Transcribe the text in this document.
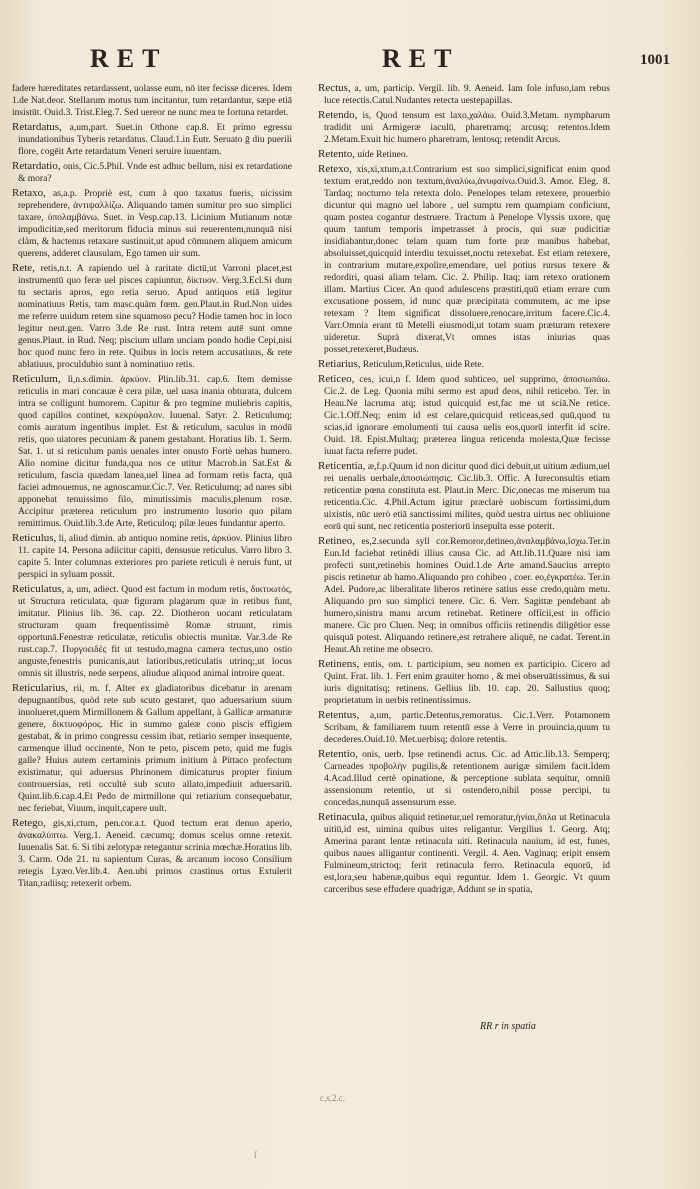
RET	RET	1001

fadere hæreditates retardassent, uolasse eum, nō iter fecisse diceres. Idem 1.de Nat.deor. Stellarum motus tum incitantur, tum retardantur, sæpe etiā insistūt. Ouid.3. Trist.Eleg.7. Sed uereor ne nunc mea te fortuna retardet.

Retardatus, a,um,part. Suet.in Othone cap.8. Et primo egressu inundationibus Tyberis retardatus. Claud.1.in Eutr. Seruato ḡ diu puerili flore, cogēit Arte retardatum Veneri seruire iuuentam.

Retardatio, onis, Cic.5.Phil. Vnde est adhuc bellum, nisi ex retardatione & mora?

Retaxo, as,a.p. Propriè est, cum à quo taxatus fueris, uicissim reprehendere, ἀντιψαλλίζω. Aliquando tamen sumitur pro suo simplici taxare, ὑπολαμβάνω. Suet. in Vesp.cap.13. Licinium Mutianum notæ impudicitiæ,sed meritorum fiducia minus sui reuerentem,nunquā nisi clàm, & hactenus retaxare sustinuit,ut apud cōmunem aliquem amicum querens, adderet clausulam, Ego tamen uir sum.

Rete, retis,n.t. A rapiendo uel à raritate dictū,ut Varroni placet,est instrumentū quo feræ uel pisces capiuntur, δίκτυον. Verg.3.Ecl.Si dum tu sectaris apros, ego retia seruo. Apud antiquos etiā legitur nominatiuus Retis, tam masc.quàm fœm. gen.Plaut.in Rud.Non uides me referre uuidum retem sine squamoso pecu? Hodie tamen hoc in loco legitur neut.gen. Varro 3.de Re rust. Intra retem autē sunt omne genus.Plaut. in Rud. Neq; piscium ullam unciam pondo hodie Cepi,nisi hoc quod nunc fero in rete. Quibus in locis retem accusatiuus, & rete ablatiuus, proculdubio sunt à nominatiuo retis.

Reticulum, li,n.s.dimin. ἀρκύον. Plin.lib.31. cap.6. Item demisse reticulis in mari concauæ è cera pilæ, uel uasa inania obturata, dulcem intra se colligunt humorem. Capitur & pro tegmine muliebris capitis, quod capillos continet, κεκρύφαλον. Iuuenal. Satyr. 2. Reticulumq; comis auratum ingentibus implet. Est & reticulum, saculus in modū retis, quo uiatores pecuniam & panem gestabant. Horatius lib. 1. Serm. Sat. 1. ut si reticulum panis uenales inter onusto Fortè uehas humero. Alio nomine dicitur funda,qua nos ce utitur Macrob.in Sat.Est & reticulum, fascia quædam lanea,uel linea ad formam retis facta, quā faciei admouemus, ne agnoscamur.Cic.7. Ver. Reticulumq; ad nares sibi apponebat tenuissimo filo, minutissimis maculis,plenum rosæ. Accipitur præterea reticulum pro instrumento lusorio quo pilam remittimus. Ouid.lib.3.de Arte, Reticuloq; pilæ leues fundantur aperto.

Reticulus, li, aliud dimin. ab antiquo nomine retis, ἀρκύον. Plinius libro 11. capite 14. Persona adiicitur capiti, densusue reticulus. Varro libro 3. capite 5. Inter columnas exteriores pro pariete reticuli è neruis funt, ut perspici in syluam possit.

Reticulatus, a, um, adiect. Quod est factum in modum retis, δικτυωτός, ut Structura reticulata, quæ figuram plagarum quæ in retibus funt, imitatur. Plinius lib. 36. cap. 22. Diotheron uocant reticulatam structuram quam frequentissimè Romæ struunt, rimis opportunā.Fenestræ reticulatæ, reticulis obiectis munitæ. Var.3.de Re rust.cap.7. Πυργοειδές fit ut testudo,magna camera tectus,uno ostio anguste,fenestris punicanis,aut latioribus,reticulatis utrinq;,ut locus omnis sit illustris, nede serpens, aliudue aliquod animal introire queat.

Reticularius, rii, m. f. Alter ex gladiatoribus dicebatur in arenam depugnantibus, quòd rete sub scuto gestaret, quo aduersarium suum inuolueret,quem Mirmillonem & Gallum appellant, à Gallicæ armaturæ genere, δικτυοφόρος. Hic in summo galeæ cono piscis effigiem gestabat, & in primo congressu cessim ibat, retiario semper insequente, carmenque illud occinente, Non te peto, piscem peto, quid me fugis galle? Huius autem certaminis primum initium à Pittaco profectum existimatur, qui aduersus Phrinonem dimicaturus propter finium controuersias, reti occultè sub scuto allato,impediuit aduersariū. Quint.lib.6.cap.4.Et Pedo de mirmillone qui retiarium consequebatur, nec feriebat, Viuum, inquit,capere uult.

Retego, gis,xi,ctum, pen.cor.a.t. Quod tectum erat denuo aperio, ἀνακαλύπτω. Verg.1. Aeneid. cæcumq; domus scelus omne retexit. Iuuenalis Sat. 6. Si tibi zelotypæ retegantur scrinia mœchæ.Horatius lib. 3. Carm. Ode 21. tu sapientum Curas, & arcanum iocoso Consilium retegis Lyæo.Ver.lib.4. Aen.ubi primos crastinus ortus Extulerit Titan,radiisq; retexerit orbem.

Rectus, a, um, particip. Vergil. lib. 9. Aeneid. Iam fole infuso,iam rebus luce retectis.Catul.Nudantes retecta uestepapillas.

Retendo, is, Quod tensum est laxo,χαλάω. Ouid.3.Metam. nympharum tradidit uni Armigeræ iaculū, pharetramq; arcusq; retentos.Idem 2.Metam.Exuit hic humero pharetram, lentosq; retendit Arcus.

Retento, uide Retineo.

Retexo, xis,xi,xtum,a.t.Contrarium est suo simplici,significat enim quod textum erat,reddo non textum,ἀναλύω,ἀνυφαίνω.Ouid.3. Amor. Eleg. 8. Tardaq; nocturno tela retexta dolo. Penelopes telam retexere, prouerbio dicuntur qui magno uel labore , uel sumptu rem quampiam conficiunt, quam postea cogantur destruere. Tractum à Penelope Vlyssis uxore, quę quum tantum temporis impetrasset à procis, qui suæ pudicitiæ insidiabantur,donec telam quam tum forte præ manibus habebat, absoluisset,quicquid interdiu texuisset,noctu retexebat. Est etiam retexere, in contrarium mutare,expolire,emendare, uel potius rursus texere & redordiri, quasi aliam telam. Cic. 2. Philip. Itaq; iam retexo orationem illam. Martius Cicer. An quod adulescens præstiti,quū etiam errare cum excusatione possem, id nunc quæ præcipitata commutem, ac me ipse retexam ? Item significat dissoluere,renocare,irritum facere.Cic.4. Varr.Omnia erant tū Metelli eiusmodi,ut totam suam præturam retexere uideretur. Suprà dixerat,Vt omnes istas iniurias quas posset,retexeret,Budæus.

Retiarius, Reticulum,Reticulus, uide Rete.

Reticeo, ces, icui,n f. Idem quod subticeo, uel supprimo, ἀποσιωπάω. Cic.2. de Leg. Quonia mihi sermo est apud deos, nihil reticebo. Ter. in Heau.Ne lacruma atq; istud quicquid est,fac me ut sciā.Ne retice. Cic.1.Off.Neq; enim id est celare,quicquid reticeas,sed quū,quod tu scias,id ignorare emolumenti tui causa uelis eos,quorū interfit id scire. Ouid. 18. Epist.Multaq; præterea lingua reticenda molesta,Quæ fecisse iuuat facta referre pudet.

Reticentia, æ,f.p.Quum id non dicitur quod dici debuit,ut uitium ædium,uel rei uenalis uerbale,ἀποσιώπησις. Cic.lib.3. Offic. A Iureconsultis etiam reticentiæ pœna constituta est. Plaut.in Merc. Dic,onecas me miserum tua reticentia.Cic. 4.Phil.Actum igitur præclarè uobiscum fortissimi,dum uixistis, nūc uerò etiā sanctissimi milites, quòd uestra uirtus nec obliuione eorū qui sunt, nec reticentia posteriorū insepulta esse poterit.

Retineo, es,2.secunda syll cor.Remoror,detineo,ἀναλαμβάνω,ἴσχω.Ter.in Eun.Id faciebat retinēdi illius causa Cic. ad Att.lib.11.Quare nisi iam profecti sunt,retinebis homines Ouid.1.de Arte amand.Saucius arrepto piscis retinetur ab hamo.Aliquando pro cohibeo , coer. eo,ἐγκρατέω. Ter.in Adel. Pudore,ac liberalitate liberos retinere satius esse credo,quàm metu. Aliquando pro suo simplici tenere. Cic. 6. Verr. Sagittæ pendebant ab humero,sinistra manu arcum retinebat. Retinere officii,est in officio manere. Cic pro Cluen. Neq; in omnibus officiis retinendis diligētior esse quisquā potest. Aliquando retinere,est retrahere aliquē, ne cadat. Terent.in Heaut.Ah retine me obsecro.

Retinens, entis, om. t. participium, seu nomen ex participio. Cicero ad Quint. Frat. lib. 1. Fert enim grauiter homo , & mei obseruātissimus, & sui iuris dignitatisq; retinens. Gellius lib. 10. cap. 20. Sallustius quoq; proprietatum in uerbis retinentissimus.

Retentus, a,um, partic.Detentus,remoratus. Cic.1.Verr. Potamonem Scribam, & familiarem tuum retentū esse à Verre in prouincia,quum tu decederes.Ouid.10. Met.uerbisq; dolore retentis.

Retentio, onis, uerb. Ipse retinendi actus. Cic. ad Attic.lib.13. Semperq; Carneades προβολὴν pugilis,& retentionem aurigæ similem facit.Idem 4.Acad.Illud certè opinatione, & perceptione sublata sequitur, omniū assensionum retentio, ut si ostendero,nihil posse percipi, tu concedas,nunquā assensurum esse.

Retinacula, quibus aliquid retinetur,uel remoratur,ἡνίαι,ὅπλα ut Retinacula uitiū,id est, uimina quibus uites religantur. Vergilius 1. Georg. Atq; Amerina parant lentæ retinacula uiti. Retinacula nauium, id est, funes, quibus naues alligantur continenti. Vergil. 4. Aen. Vaginaq; eripit ensem Fulmineum,strictoq; ferit retinacula ferro. Retinacula equorū, id est,lora,seu habenæ,quibus equi reguntur. Idem 1. Georgic. Vt quum carceribus sese effudere quadrigæ, Addunt se in spatia,

RR r in spatia
c,s,2.c.
ſ
